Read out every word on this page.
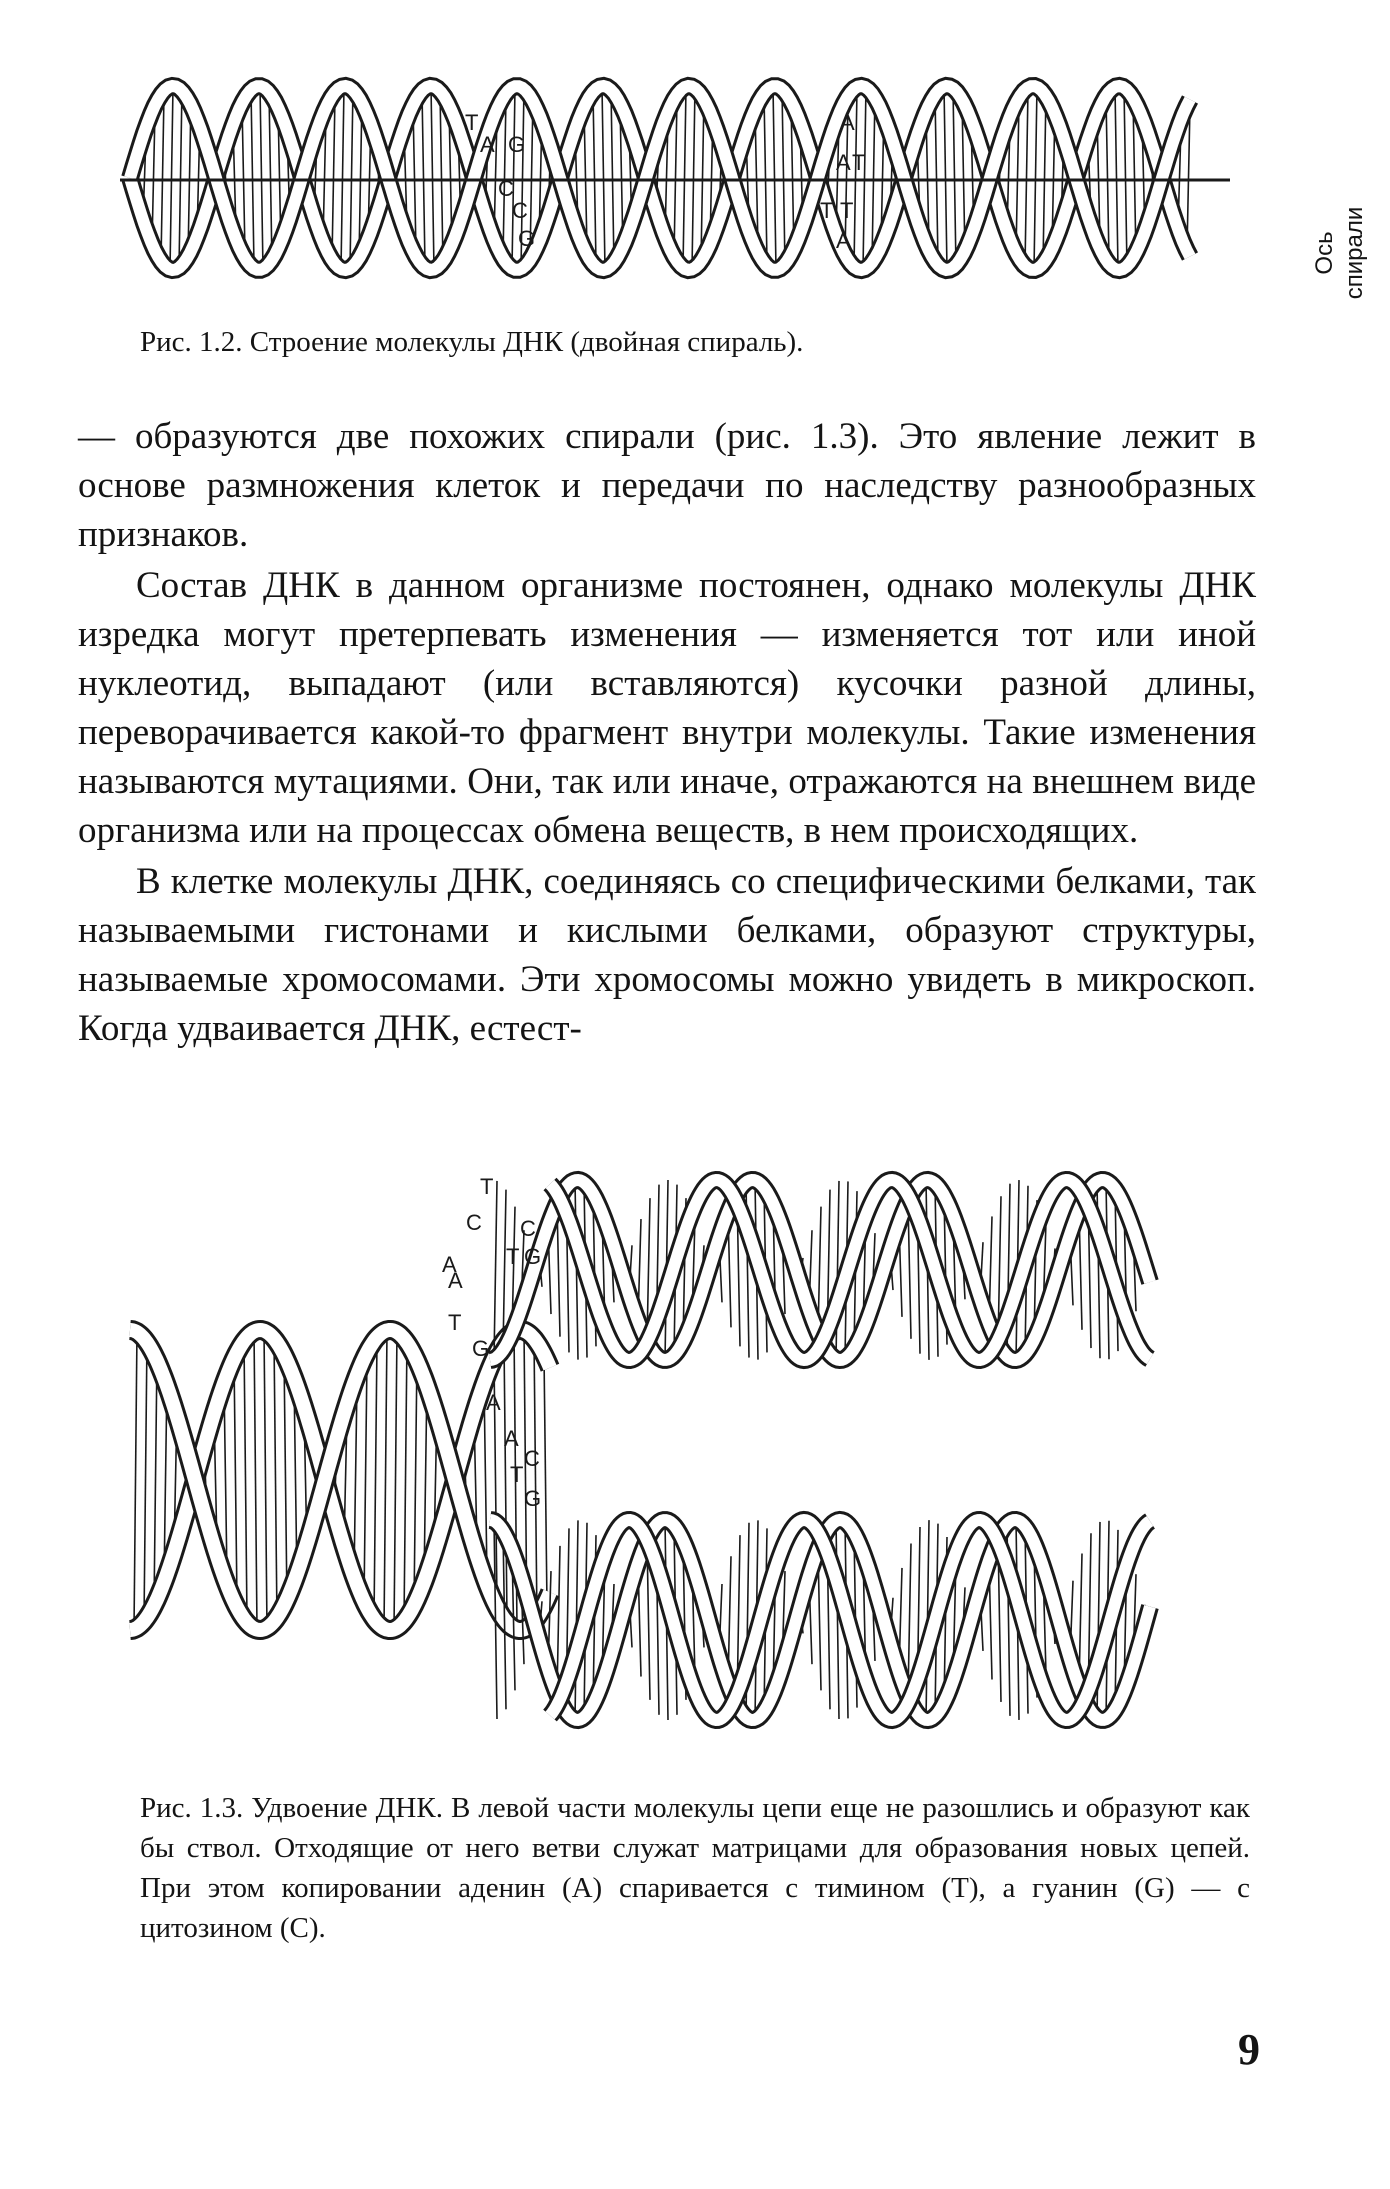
T
A G
C
C
G
A
A T
T T
A	Ось спирали
Рис. 1.2. Строение молекулы ДНК (двойная спираль).

— образуются две похожих спирали (рис. 1.3). Это явление лежит в основе размножения клеток и передачи по наследству разнообразных признаков.

Состав ДНК в данном организме постоянен, однако молекулы ДНК изредка могут претерпевать изменения — изменяется тот или иной нуклеотид, выпадают (или вставляются) кусочки разной длины, переворачивается какой-то фрагмент внутри молекулы. Такие изменения называются мутациями. Они, так или иначе, отражаются на внешнем виде организма или на процессах обмена веществ, в нем происходящих.

В клетке молекулы ДНК, соединяясь со специфическими белками, так называемыми гистонами и кислыми белками, образуют структуры, называемые хромосомами. Эти хромосомы можно увидеть в микроскоп. Когда удваивается ДНК, естест-

T
C
A
C
T G
A
T
G
A
A
C
T
G

Рис. 1.3. Удвоение ДНК. В левой части молекулы цепи еще не разошлись и образуют как бы ствол. Отходящие от него ветви служат матрицами для образования новых цепей. При этом копировании аденин (A) спаривается с тимином (T), а гуанин (G) — с цитозином (C).

9
